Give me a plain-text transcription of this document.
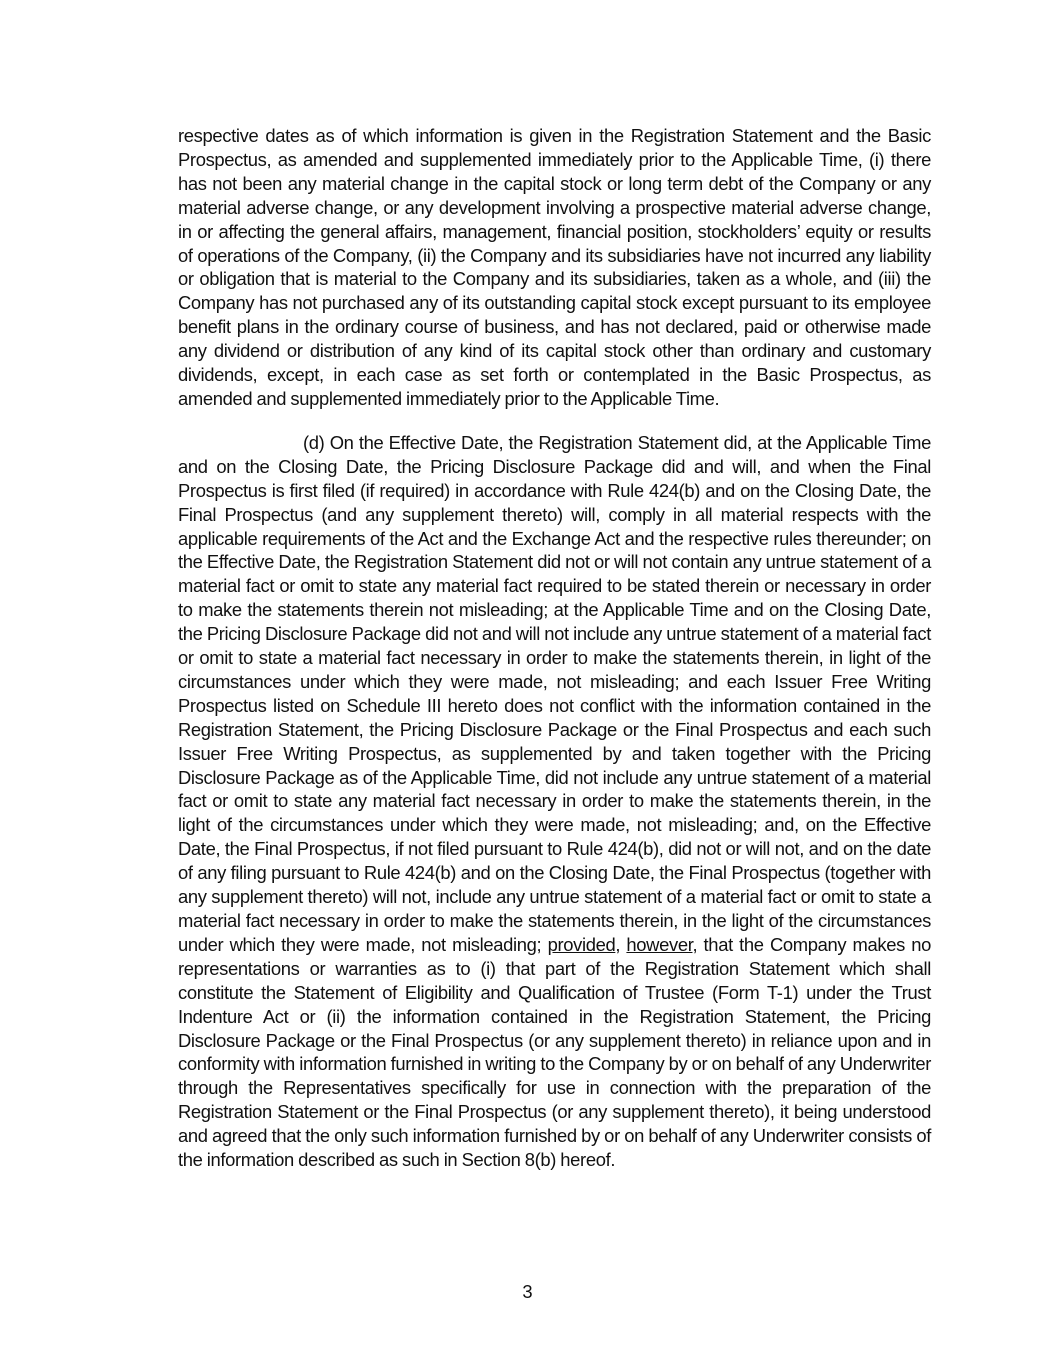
respective dates as of which information is given in the Registration Statement and the Basic Prospectus, as amended and supplemented immediately prior to the Applicable Time, (i) there has not been any material change in the capital stock or long term debt of the Company or any material adverse change, or any development involving a prospective material adverse change, in or affecting the general affairs, management, financial position, stockholders’ equity or results of operations of the Company, (ii) the Company and its subsidiaries have not incurred any liability or obligation that is material to the Company and its subsidiaries, taken as a whole, and (iii) the Company has not purchased any of its outstanding capital stock except pursuant to its employee benefit plans in the ordinary course of business, and has not declared, paid or otherwise made any dividend or distribution of any kind of its capital stock other than ordinary and customary dividends, except, in each case as set forth or contemplated in the Basic Prospectus, as amended and supplemented immediately prior to the Applicable Time.

(d) On the Effective Date, the Registration Statement did, at the Applicable Time and on the Closing Date, the Pricing Disclosure Package did and will, and when the Final Prospectus is first filed (if required) in accordance with Rule 424(b) and on the Closing Date, the Final Prospectus (and any supplement thereto) will, comply in all material respects with the applicable requirements of the Act and the Exchange Act and the respective rules thereunder; on the Effective Date, the Registration Statement did not or will not contain any untrue statement of a material fact or omit to state any material fact required to be stated therein or necessary in order to make the statements therein not misleading; at the Applicable Time and on the Closing Date, the Pricing Disclosure Package did not and will not include any untrue statement of a material fact or omit to state a material fact necessary in order to make the statements therein, in light of the circumstances under which they were made, not misleading; and each Issuer Free Writing Prospectus listed on Schedule III hereto does not conflict with the information contained in the Registration Statement, the Pricing Disclosure Package or the Final Prospectus and each such Issuer Free Writing Prospectus, as supplemented by and taken together with the Pricing Disclosure Package as of the Applicable Time, did not include any untrue statement of a material fact or omit to state any material fact necessary in order to make the statements therein, in the light of the circumstances under which they were made, not misleading; and, on the Effective Date, the Final Prospectus, if not filed pursuant to Rule 424(b), did not or will not, and on the date of any filing pursuant to Rule 424(b) and on the Closing Date, the Final Prospectus (together with any supplement thereto) will not, include any untrue statement of a material fact or omit to state a material fact necessary in order to make the statements therein, in the light of the circumstances under which they were made, not misleading; provided, however, that the Company makes no representations or warranties as to (i) that part of the Registration Statement which shall constitute the Statement of Eligibility and Qualification of Trustee (Form T-1) under the Trust Indenture Act or (ii) the information contained in the Registration Statement, the Pricing Disclosure Package or the Final Prospectus (or any supplement thereto) in reliance upon and in conformity with information furnished in writing to the Company by or on behalf of any Underwriter through the Representatives specifically for use in connection with the preparation of the Registration Statement or the Final Prospectus (or any supplement thereto), it being understood and agreed that the only such information furnished by or on behalf of any Underwriter consists of the information described as such in Section 8(b) hereof.

3
